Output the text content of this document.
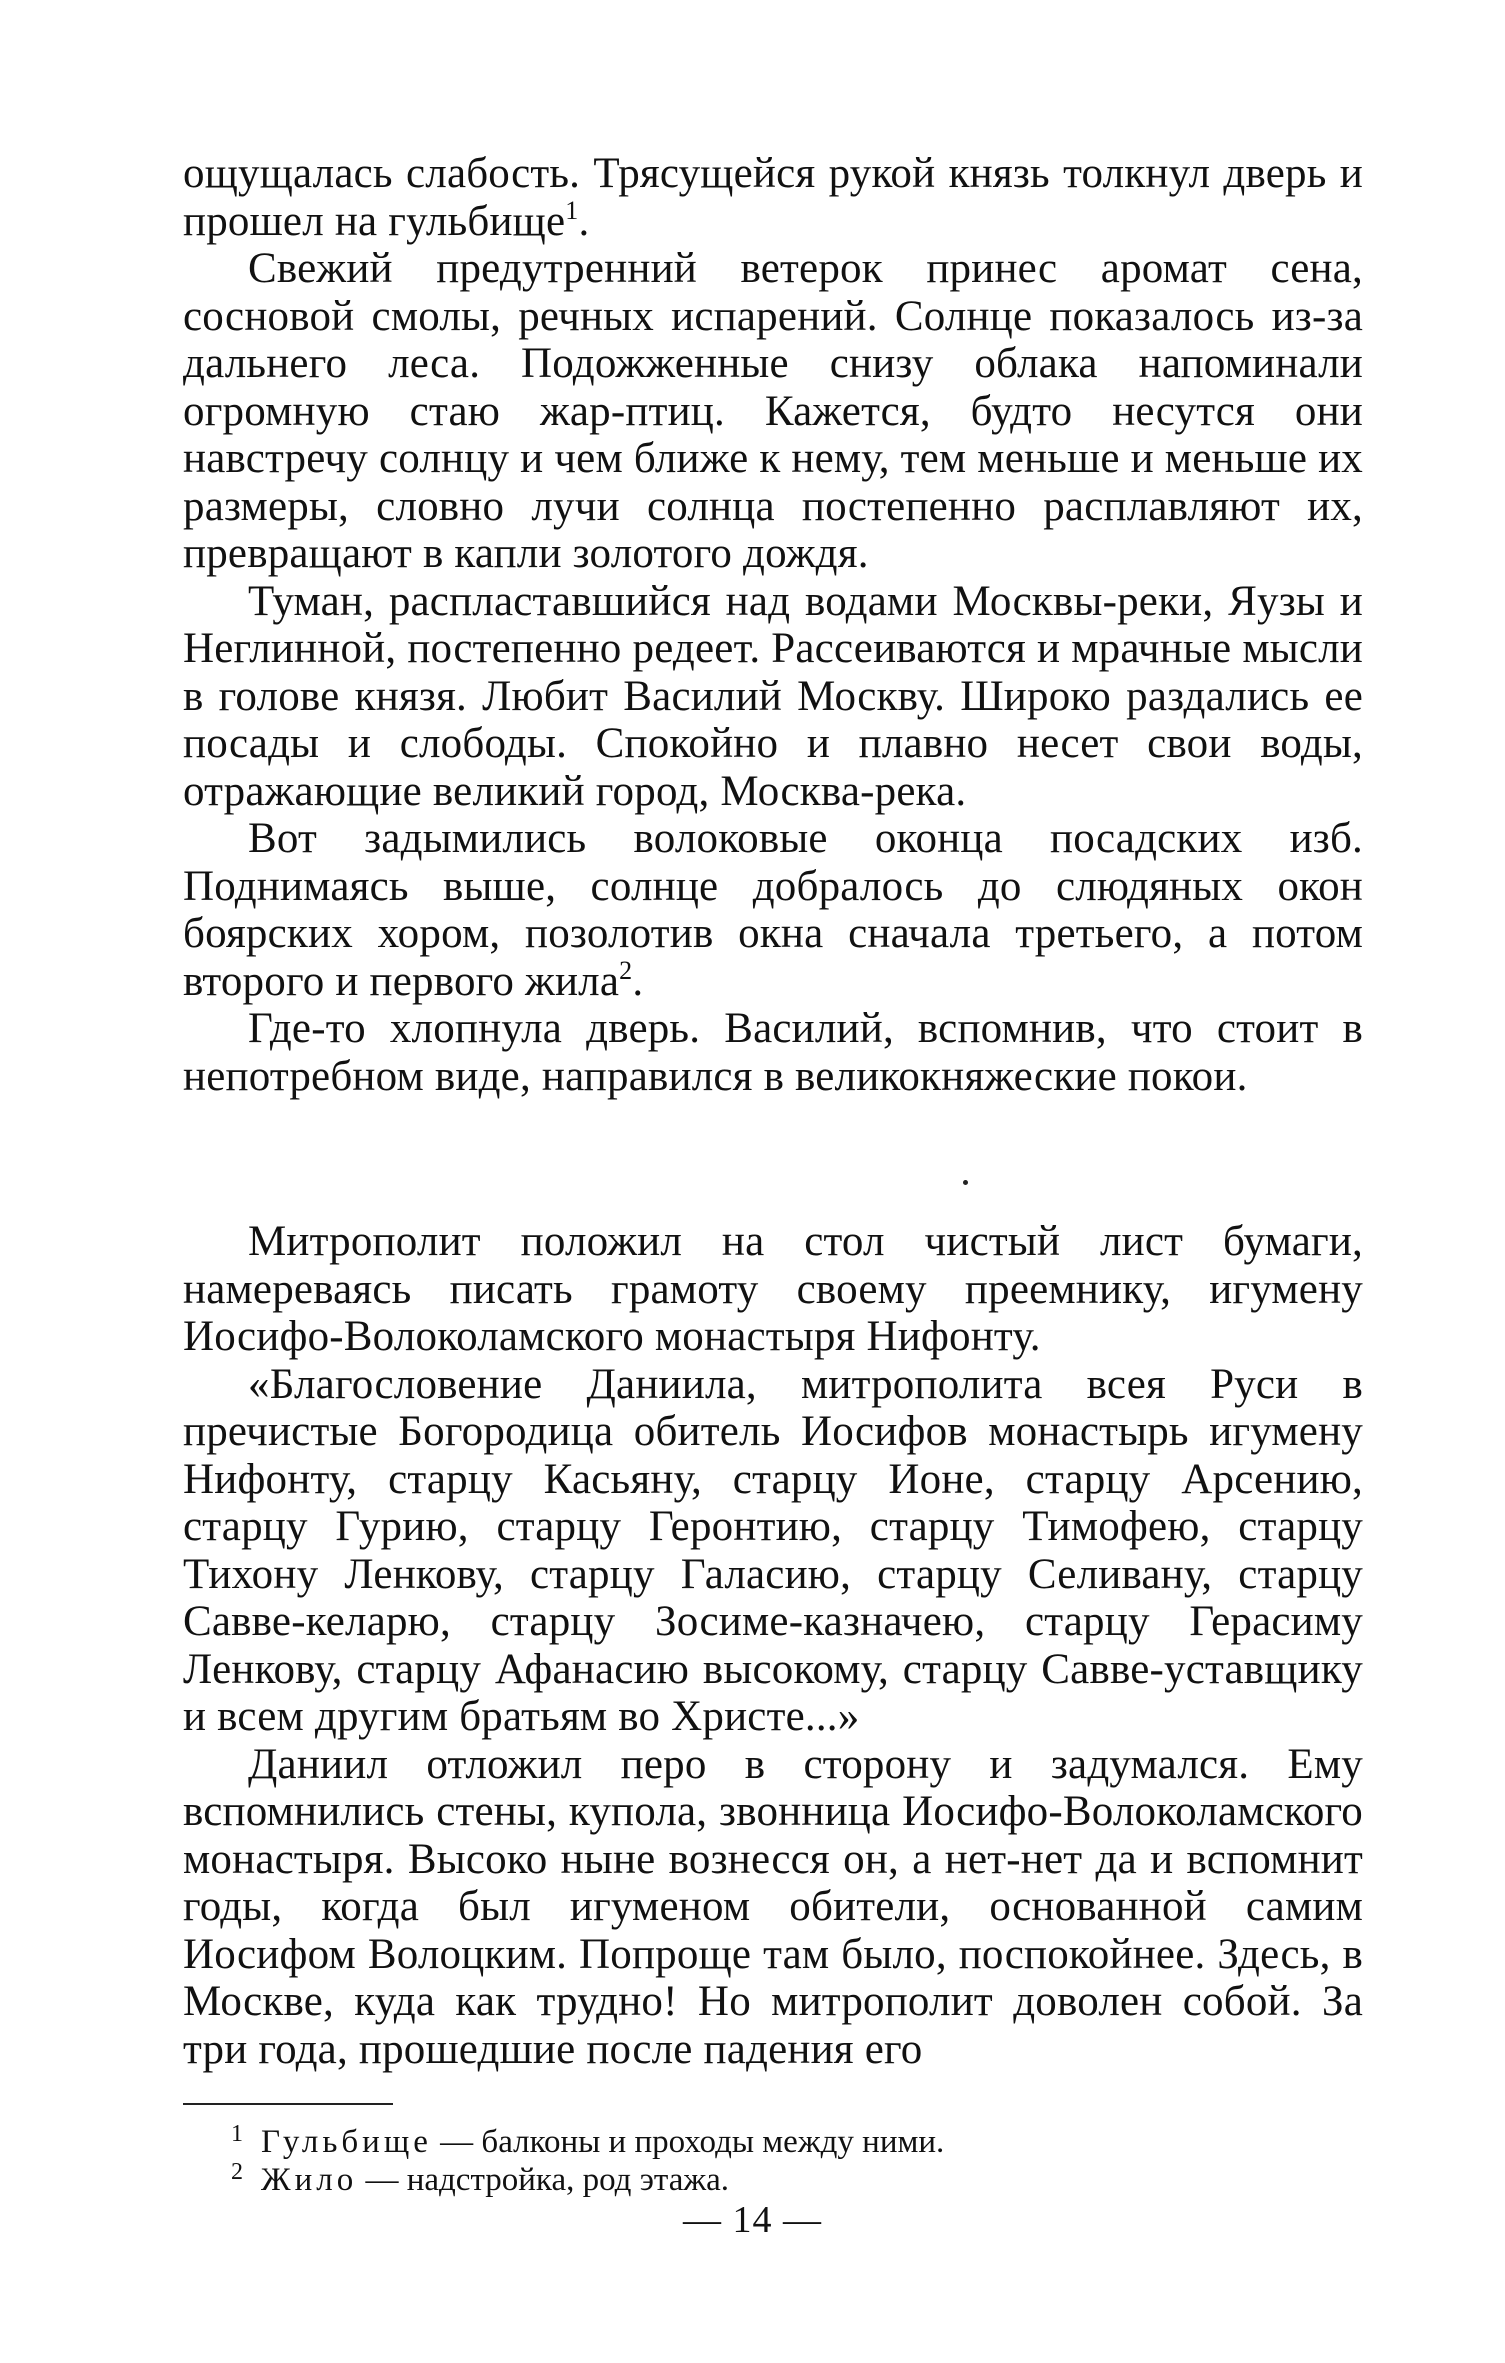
ощущалась слабость. Трясущейся рукой князь толкнул дверь и прошел на гульбище$^1$.

Свежий предутренний ветерок принес аромат сена, сосновой смолы, речных испарений. Солнце показалось из-за дальнего леса. Подожженные снизу облака напоминали огромную стаю жар-птиц. Кажется, будто несутся они навстречу солнцу и чем ближе к нему, тем меньше и меньше их размеры, словно лучи солнца постепенно расплавляют их, превращают в капли золотого дождя.

Туман, распластавшийся над водами Москвы-реки, Яузы и Неглинной, постепенно редеет. Рассеиваются и мрачные мысли в голове князя. Любит Василий Москву. Широко раздались ее посады и слободы. Спокойно и плавно несет свои воды, отражающие великий город, Москва-река.

Вот задымились волоковые оконца посадских изб. Поднимаясь выше, солнце добралось до слюдяных окон боярских хором, позолотив окна сначала третьего, а потом второго и первого жила$^2$.

Где-то хлопнула дверь. Василий, вспомнив, что стоит в непотребном виде, направился в великокняжеские покои.

Митрополит положил на стол чистый лист бумаги, намереваясь писать грамоту своему преемнику, игумену Иосифо-Волоколамского монастыря Нифонту.

«Благословение Даниила, митрополита всея Руси в пречистые Богородица обитель Иосифов монастырь игумену Нифонту, старцу Касьяну, старцу Ионе, старцу Арсению, старцу Гурию, старцу Геронтию, старцу Тимофею, старцу Тихону Ленкову, старцу Галасию, старцу Селивану, старцу Савве-келарю, старцу Зосиме-казначею, старцу Герасиму Ленкову, старцу Афанасию высокому, старцу Савве-уставщику и всем другим братьям во Христе...»

Даниил отложил перо в сторону и задумался. Ему вспомнились стены, купола, звонница Иосифо-Волоколамского монастыря. Высоко ныне вознесся он, а нет-нет да и вспомнит годы, когда был игуменом обители, основанной самим Иосифом Волоцким. Попроще там было, поспокойнее. Здесь, в Москве, куда как трудно! Но митрополит доволен собой. За три года, прошедшие после падения его

1 Гульбище — балконы и проходы между ними.
2 Жило — надстройка, род этажа.
— 14 —
